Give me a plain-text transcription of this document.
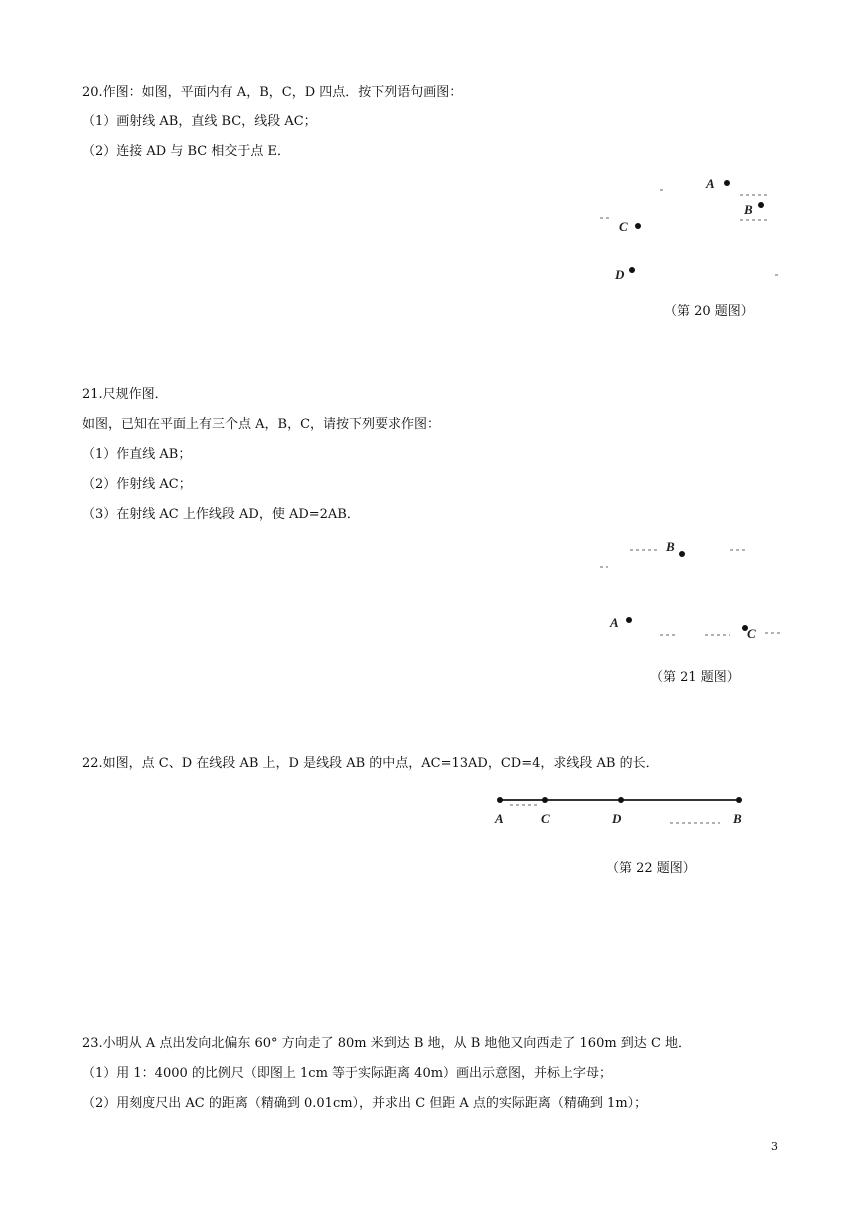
20.作图：如图，平面内有 A，B，C，D 四点．按下列语句画图：
（1）画射线 AB，直线 BC，线段 AC；
（2）连接 AD 与 BC 相交于点 E．
A
B
C
D
（第 20 题图）
21.尺规作图．
如图，已知在平面上有三个点 A，B，C，请按下列要求作图：
（1）作直线 AB；
（2）作射线 AC；
（3）在射线 AC 上作线段 AD，使 AD=2AB．
B
A
C
（第 21 题图）
22.如图，点 C、D 在线段 AB 上，D 是线段 AB 的中点，AC=13AD，CD=4，求线段 AB 的长．
A	C	D	B
（第 22 题图）
23.小明从 A 点出发向北偏东 60° 方向走了 80m 米到达 B 地，从 B 地他又向西走了 160m 到达 C 地．
（1）用 1：4000 的比例尺（即图上 1cm 等于实际距离 40m）画出示意图，并标上字母；
（2）用刻度尺出 AC 的距离（精确到 0.01cm），并求出 C 但距 A 点的实际距离（精确到 1m）；
3
